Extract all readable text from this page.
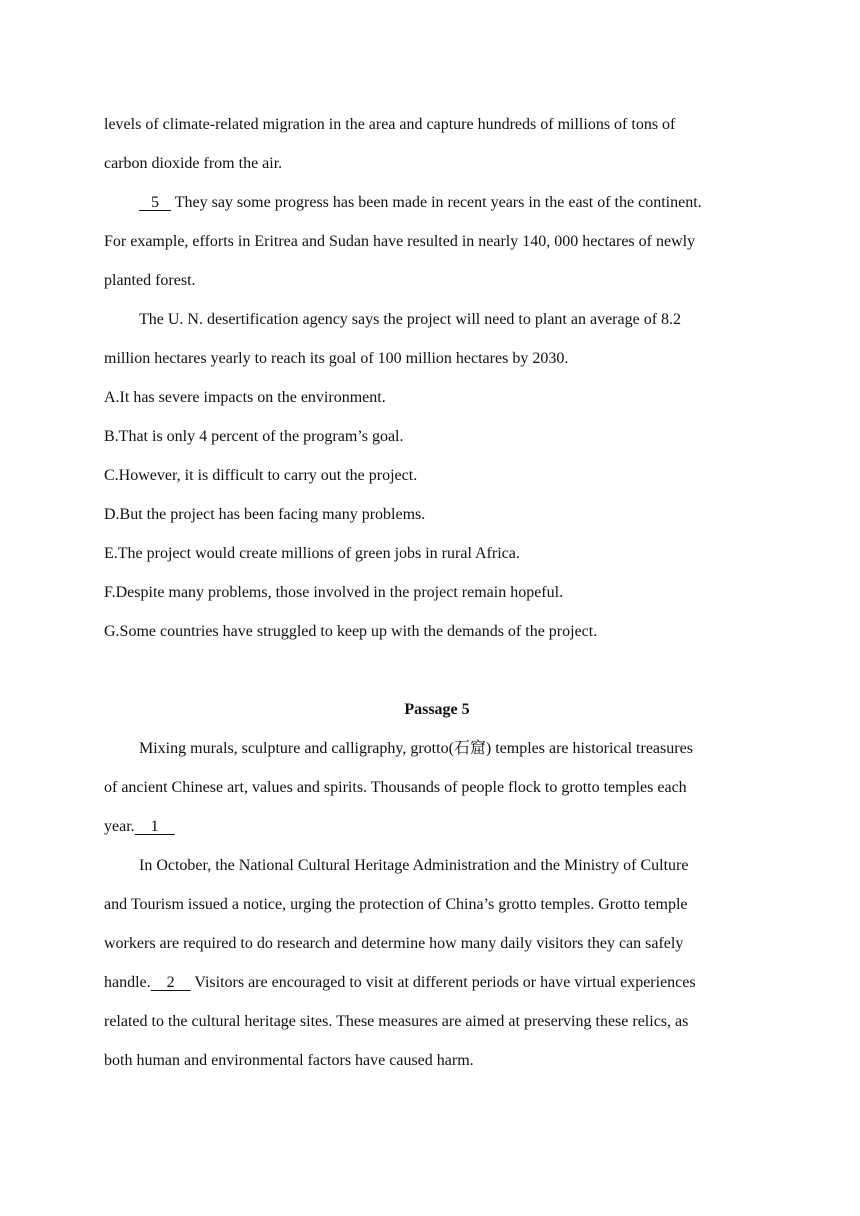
levels of climate-related migration in the area and capture hundreds of millions of tons of
carbon dioxide from the air.
5    They say some progress has been made in recent years in the east of the continent.
For example, efforts in Eritrea and Sudan have resulted in nearly 140, 000 hectares of newly
planted forest.
The U. N. desertification agency says the project will need to plant an average of 8.2
million hectares yearly to reach its goal of 100 million hectares by 2030.
A.It has severe impacts on the environment.
B.That is only 4 percent of the program’s goal.
C.However, it is difficult to carry out the project.
D.But the project has been facing many problems.
E.The project would create millions of green jobs in rural Africa.
F.Despite many problems, those involved in the project remain hopeful.
G.Some countries have struggled to keep up with the demands of the project.
Passage 5
Mixing murals, sculpture and calligraphy, grotto(石窟) temples are historical treasures
of ancient Chinese art, values and spirits. Thousands of people flock to grotto temples each
year.    1
In October, the National Cultural Heritage Administration and the Ministry of Culture
and Tourism issued a notice, urging the protection of China’s grotto temples. Grotto temple
workers are required to do research and determine how many daily visitors they can safely
handle.    2     Visitors are encouraged to visit at different periods or have virtual experiences
related to the cultural heritage sites. These measures are aimed at preserving these relics, as
both human and environmental factors have caused harm.
